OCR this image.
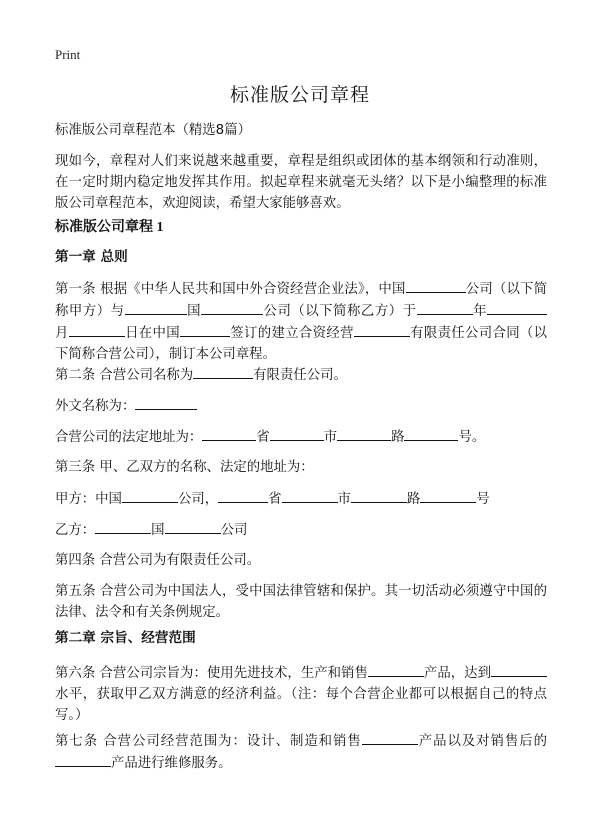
Print
标准版公司章程

标准版公司章程范本（精选8篇）

现如今，章程对人们来说越来越重要，章程是组织或团体的基本纲领和行动准则，在一定时期内稳定地发挥其作用。拟起章程来就毫无头绪？以下是小编整理的标准版公司章程范本，欢迎阅读，希望大家能够喜欢。

标准版公司章程 1

第一章 总则

第一条 根据《中华人民共和国中外合资经营企业法》，中国	公司（以下简称甲方）与	国	公司（以下简称乙方）于	年月	日在中国	签订的建立合资经营	有限责任公司合同（以下简称合营公司），制订本公司章程。

第二条 合营公司名称为	有限责任公司。

外文名称为：

合营公司的法定地址为：	省	市	路	号。

第三条 甲、乙双方的名称、法定的地址为：

甲方：中国	公司，	省	市	路	号

乙方：	国	公司

第四条 合营公司为有限责任公司。

第五条 合营公司为中国法人，受中国法律管辖和保护。其一切活动必须遵守中国的法律、法令和有关条例规定。

第二章 宗旨、经营范围

第六条 合营公司宗旨为：使用先进技术，生产和销售	产品，达到水平，获取甲乙双方满意的经济利益。（注：每个合营企业都可以根据自己的特点写。）

第七条 合营公司经营范围为：设计、制造和销售	产品以及对销售后的产品进行维修服务。
